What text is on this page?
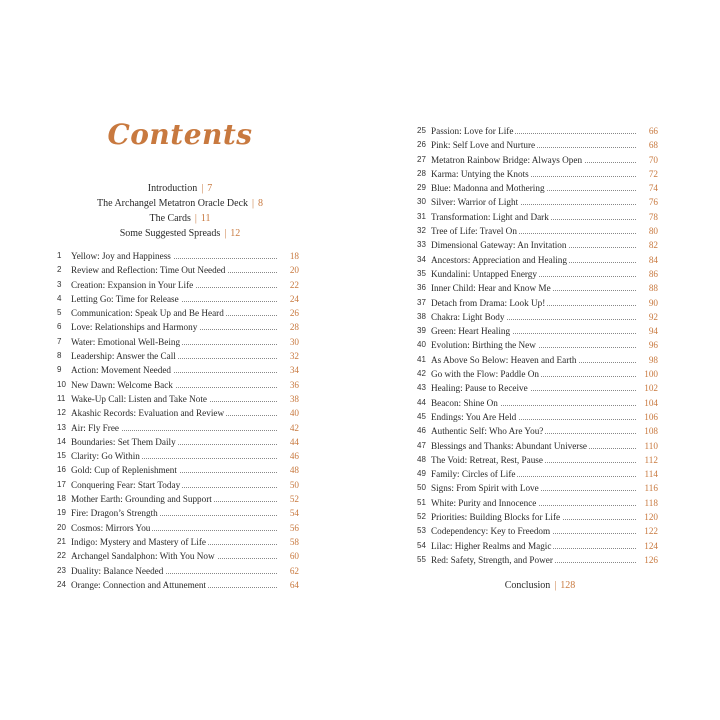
Contents
Introduction | 7
The Archangel Metatron Oracle Deck | 8
The Cards | 11
Some Suggested Spreads | 12
1	Yellow: Joy and Happiness	18
2	Review and Reflection: Time Out Needed	20
3	Creation: Expansion in Your Life	22
4	Letting Go: Time for Release	24
5	Communication: Speak Up and Be Heard	26
6	Love: Relationships and Harmony	28
7	Water: Emotional Well-Being	30
8	Leadership: Answer the Call	32
9	Action: Movement Needed	34
10 New Dawn: Welcome Back	36
11 Wake-Up Call: Listen and Take Note	38
12 Akashic Records: Evaluation and Review	40
13 Air: Fly Free	42
14 Boundaries: Set Them Daily	44
15 Clarity: Go Within	46
16 Gold: Cup of Replenishment	48
17 Conquering Fear: Start Today	50
18 Mother Earth: Grounding and Support	52
19 Fire: Dragon’s Strength	54
20 Cosmos: Mirrors You	56
21 Indigo: Mystery and Mastery of Life	58
22 Archangel Sandalphon: With You Now	60
23 Duality: Balance Needed	62
24 Orange: Connection and Attunement	64
25 Passion: Love for Life	66
26 Pink: Self Love and Nurture	68
27 Metatron Rainbow Bridge: Always Open	70
28 Karma: Untying the Knots	72
29 Blue: Madonna and Mothering	74
30 Silver: Warrior of Light	76
31 Transformation: Light and Dark	78
32 Tree of Life: Travel On	80
33 Dimensional Gateway: An Invitation	82
34 Ancestors: Appreciation and Healing	84
35 Kundalini: Untapped Energy	86
36 Inner Child: Hear and Know Me	88
37 Detach from Drama: Look Up!	90
38 Chakra: Light Body	92
39 Green: Heart Healing	94
40 Evolution: Birthing the New	96
41 As Above So Below: Heaven and Earth	98
42 Go with the Flow: Paddle On	100
43 Healing: Pause to Receive	102
44 Beacon: Shine On	104
45 Endings: You Are Held	106
46 Authentic Self: Who Are You?	108
47 Blessings and Thanks: Abundant Universe	110
48 The Void: Retreat, Rest, Pause	112
49 Family: Circles of Life	114
50 Signs: From Spirit with Love	116
51 White: Purity and Innocence	118
52 Priorities: Building Blocks for Life	120
53 Codependency: Key to Freedom	122
54 Lilac: Higher Realms and Magic	124
55 Red: Safety, Strength, and Power	126
Conclusion | 128
